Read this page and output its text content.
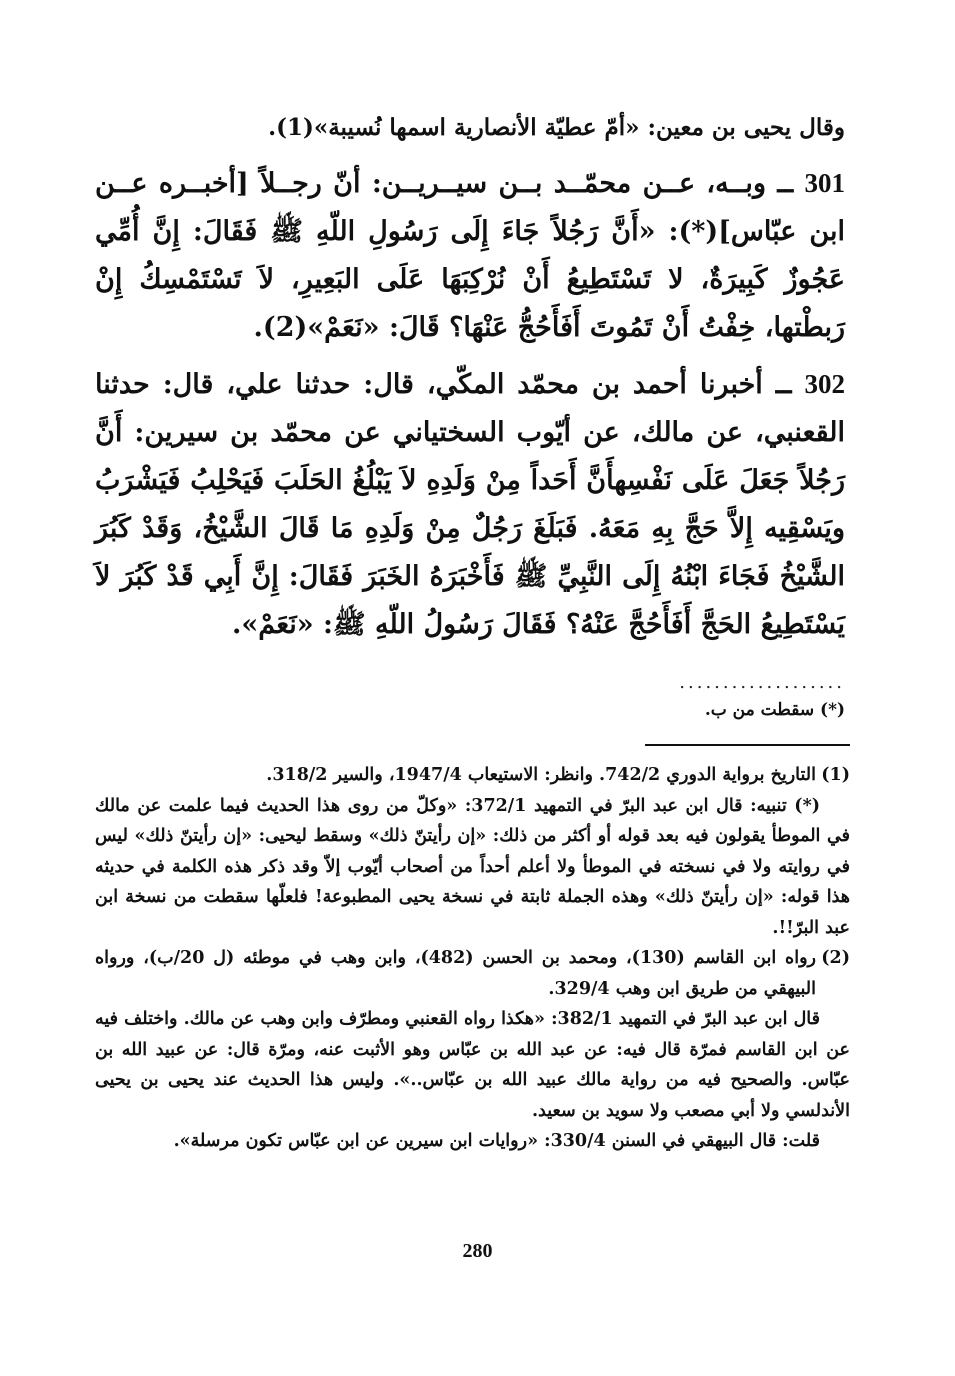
وقال يحيى بن معين: «أمّ عطيّة الأنصارية اسمها نُسيبة»(1).

301 ــ وبــه، عــن محمّــد بــن سيــريــن: أنّ رجــلاً [أخبــره عــن ابن عبّاس](*): «أَنَّ رَجُلاً جَاءَ إِلَى رَسُولِ اللّهِ ﷺ فَقَالَ: إِنَّ أُمِّي عَجُوزٌ كَبِيرَةٌ، لا تَسْتَطِيعُ أَنْ نُرْكِبَهَا عَلَى البَعِيرِ، لاَ تَسْتَمْسِكُ إِنْ رَبطْتها، خِفْتُ أَنْ تَمُوتَ أَفَأَحُجُّ عَنْهَا؟ قَالَ: «نَعَمْ»(2).

302 ــ أخبرنا أحمد بن محمّد المكّي، قال: حدثنا علي، قال: حدثنا القعنبي، عن مالك، عن أيّوب السختياني عن محمّد بن سيرين: أَنَّ رَجُلاً جَعَلَ عَلَى نَفْسِهأَنَّ أَحَداً مِنْ وَلَدِهِ لاَ يَبْلُغُ الحَلَبَ فَيَحْلِبُ فَيَشْرَبُ ويَسْقِيه إِلاَّ حَجَّ بِهِ مَعَهُ. فَبَلَغَ رَجُلٌ مِنْ وَلَدِهِ مَا قَالَ الشَّيْخُ، وَقَدْ كَبُرَ الشَّيْخُ فَجَاءَ ابْنُهُ إِلَى النَّبِيِّ ﷺ فَأَخْبَرَهُ الخَبَرَ فَقَالَ: إِنَّ أَبِي قَدْ كَبُرَ لاَ يَسْتَطِيعُ الحَجَّ أَفَأَحُجَّ عَنْهُ؟ فَقَالَ رَسُولُ اللّهِ ﷺ: «نَعَمْ».

...................
(*) سقطت من ب.

(1)
التاريخ برواية الدوري 742/2. وانظر: الاستيعاب 1947/4، والسير 318/2.

(*) تنبيه: قال ابن عبد البرّ في التمهيد 372/1: «وكلّ من روى هذا الحديث فيما علمت عن مالك في الموطأ يقولون فيه بعد قوله أو أكثر من ذلك: «إن رأيتنّ ذلك» وسقط ليحيى: «إن رأيتنّ ذلك» ليس في روايته ولا في نسخته في الموطأ ولا أعلم أحداً من أصحاب أيّوب إلاّ وقد ذكر هذه الكلمة في حديثه هذا قوله: «إن رأيتنّ ذلك» وهذه الجملة ثابتة في نسخة يحيى المطبوعة! فلعلّها سقطت من نسخة ابن عبد البرّ!!.

(2)
رواه ابن القاسم (130)، ومحمد بن الحسن (482)، وابن وهب في موطئه (ل 20/ب)، ورواه البيهقي من طريق ابن وهب 329/4.

قال ابن عبد البرّ في التمهيد 382/1: «هكذا رواه القعنبي ومطرّف وابن وهب عن مالك. واختلف فيه عن ابن القاسم فمرّة قال فيه: عن عبد الله بن عبّاس وهو الأثبت عنه، ومرّة قال: عن عبيد الله بن عبّاس. والصحيح فيه من رواية مالك عبيد الله بن عبّاس..». وليس هذا الحديث عند يحيى بن يحيى الأندلسي ولا أبي مصعب ولا سويد بن سعيد.

قلت: قال البيهقي في السنن 330/4: «روايات ابن سيرين عن ابن عبّاس تكون مرسلة».

280
